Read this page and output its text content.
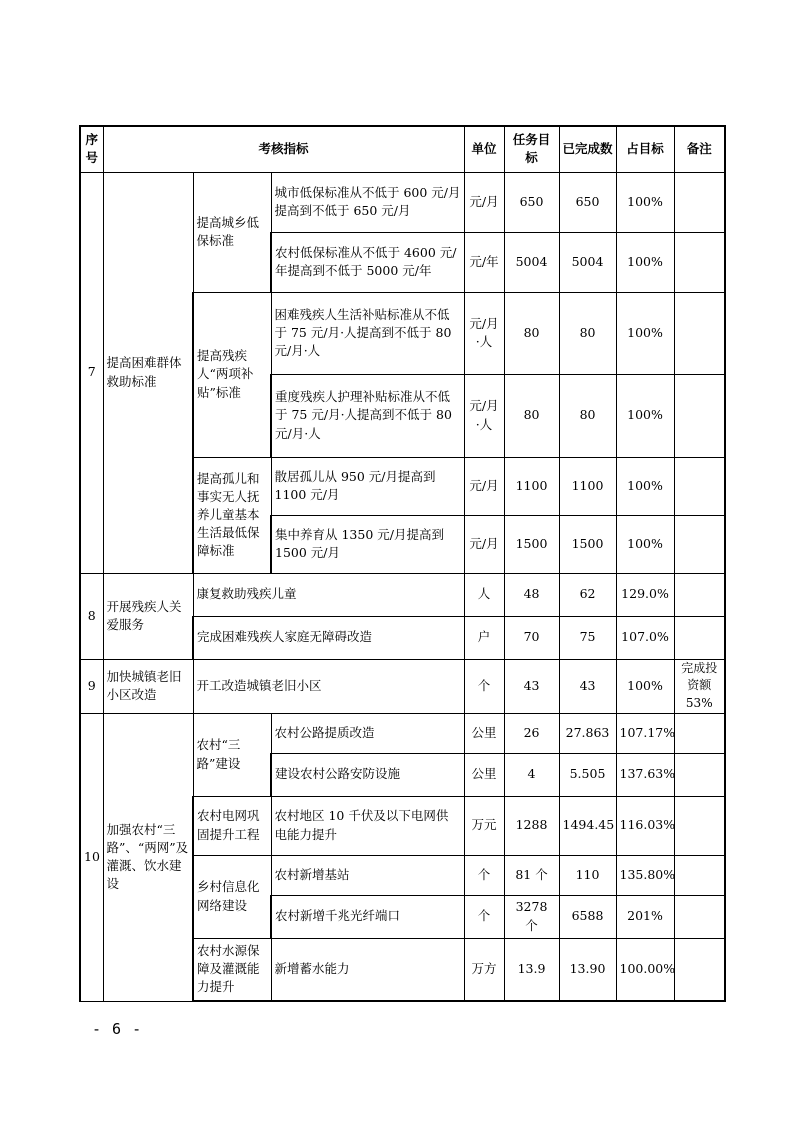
序号	考核指标			单位	任务目标	已完成数	占目标	备注
7	提高困难群体救助标准	提高城乡低保标准	城市低保标准从不低于 600 元/月提高到不低于 650 元/月	元/月	650	650	100%	
			农村低保标准从不低于 4600 元/年提高到不低于 5000 元/年	元/年	5004	5004	100%	
		提高残疾人“两项补贴”标准	困难残疾人生活补贴标准从不低于 75 元/月·人提高到不低于 80 元/月·人	元/月·人	80	80	100%	
			重度残疾人护理补贴标准从不低于 75 元/月·人提高到不低于 80 元/月·人	元/月·人	80	80	100%	
		提高孤儿和事实无人抚养儿童基本生活最低保障标准	散居孤儿从 950 元/月提高到 1100 元/月	元/月	1100	1100	100%	
			集中养育从 1350 元/月提高到 1500 元/月	元/月	1500	1500	100%	
8	开展残疾人关爱服务	康复救助残疾儿童		人	48	62	129.0%	
		完成困难残疾人家庭无障碍改造		户	70	75	107.0%	
9	加快城镇老旧小区改造	开工改造城镇老旧小区		个	43	43	100%	完成投资额 53%
10	加强农村“三路”、“两网”及灌溉、饮水建设	农村“三路”建设	农村公路提质改造	公里	26	27.863	107.17%	
			建设农村公路安防设施	公里	4	5.505	137.63%	
		农村电网巩固提升工程	农村地区 10 千伏及以下电网供电能力提升	万元	1288	1494.45	116.03%	
		乡村信息化网络建设	农村新增基站	个	81 个	110	135.80%	
			农村新增千兆光纤端口	个	3278 个	6588	201%	
		农村水源保障及灌溉能力提升	新增蓄水能力	万方	13.9	13.90	100.00%	
- 6 -
